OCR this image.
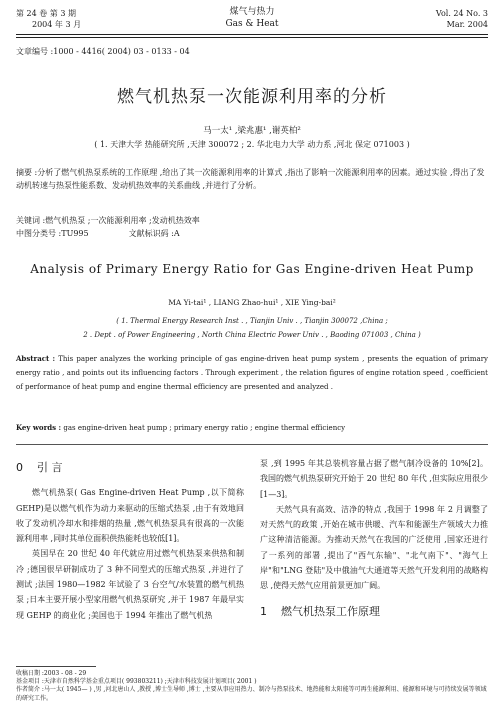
第 24 卷 第 3 期
2004 年 3 月
煤气与热力
Gas & Heat
Vol. 24 No. 3
Mar. 2004
文章编号 :1000 - 4416( 2004) 03 - 0133 - 04
燃气机热泵一次能源利用率的分析
马一太¹ ,梁兆惠¹ ,谢英柏²
( 1. 天津大学 热能研究所 ,天津 300072 ; 2. 华北电力大学 动力系 ,河北 保定 071003 )
摘要 :分析了燃气机热泵系统的工作原理 ,给出了其一次能源利用率的计算式 ,指出了影响一次能源利用率的因素。通过实验 ,得出了发动机转速与热泵性能系数、发动机热效率的关系曲线 ,并进行了分析。
关键词 :燃气机热泵 ;一次能源利用率 ;发动机热效率
中图分类号 :TU995	文献标识码 :A
Analysis of Primary Energy Ratio for Gas Engine-driven Heat Pump
MA Yi-tai¹ , LIANG Zhao-hui¹ , XIE Ying-bai²
( 1. Thermal Energy Research Inst . , Tianjin Univ . , Tianjin 300072 ,China ;
2 . Dept . of Power Engineering , North China Electric Power Univ . , Baoding 071003 , China )
Abstract : This paper analyzes the working principle of gas engine-driven heat pump system , presents the equation of primary energy ratio , and points out its influencing factors . Through experiment , the relation figures of engine rotation speed , coefficient of performance of heat pump and engine thermal efficiency are presented and analyzed .
Key words : gas engine-driven heat pump ; primary energy ratio ; engine thermal efficiency
0 引 言

燃气机热泵( Gas Engine-driven Heat Pump ,以下简称 GEHP)是以燃气机作为动力来驱动的压缩式热泵 ,由于有效地回收了发动机冷却水和排烟的热量 ,燃气机热泵具有很高的一次能源利用率 ,同时其单位面积供热能耗也较低[1]。

英国早在 20 世纪 40 年代就应用过燃气机热泵来供热和制冷 ;德国很早研制成功了 3 种不同型式的压缩式热泵 ,并进行了测试 ;法国 1980—1982 年试验了 3 台空气/水装置的燃气机热泵 ;日本主要开展小型家用燃气机热泵研究 ,并于 1987 年最早实现 GEHP 的商业化 ;美国也于 1994 年推出了燃气机热

泵 ,到 1995 年其总装机容量占据了燃气制冷设备的 10%[2]。我国的燃气机热泵研究开始于 20 世纪 80 年代 ,但实际应用很少[1—3]。

天然气具有高效、洁净的特点 ,我国于 1998 年 2 月调整了对天然气的政策 ,开始在城市供暖、汽车和能源生产领域大力推广这种清洁能源。为推动天然气在我国的广泛使用 ,国家还进行了一系列的部署 ,提出了"西气东输"、"北气南下"、"海气上岸"和"LNG 登陆"及中俄油气大通道等天然气开发利用的战略构思 ,使得天然气应用前景更加广阔。

1 燃气机热泵工作原理
收稿日期 :2003 - 08 - 29
基金项目 :天津市自然科学基金重点项目( 993803211) ;天津市科技发展计划项目( 2001 )
作者简介 :马一太( 1945— ) ,男 ,河北唐山人 ,教授 ,博士生导师 ,博士 ,主要从事应用热力、制冷与热泵技术、地热能和太阳能等可再生能源利用、能源和环境与可持续发展等领域的研究工作。
